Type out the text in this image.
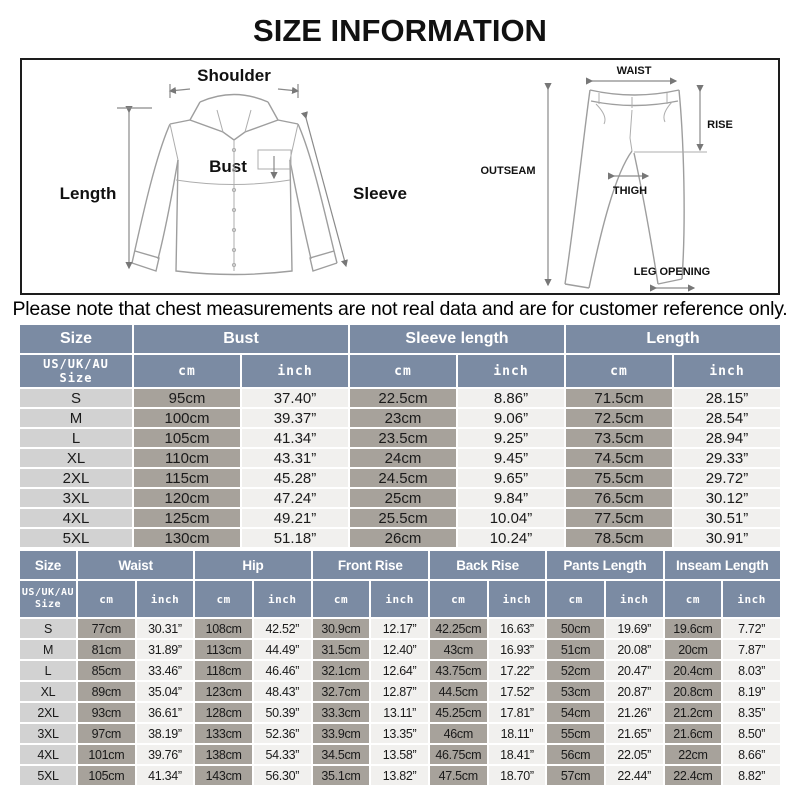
SIZE INFORMATION
Shoulder
Bust
Length	Sleeve
WAIST
RISE
OUTSEAM
THIGH
LEG OPENING
Please note that chest measurements are not real data and are for customer reference only.
Size	Bust		Sleeve length		Length	

US/UK/AU
Size	cm	inch	cm	inch	cm	inch
S	95cm	37.40”	22.5cm	8.86”	71.5cm	28.15”
M	100cm	39.37”	23cm	9.06”	72.5cm	28.54”
L	105cm	41.34”	23.5cm	9.25”	73.5cm	28.94”
XL	110cm	43.31”	24cm	9.45”	74.5cm	29.33”
2XL	115cm	45.28”	24.5cm	9.65”	75.5cm	29.72”
3XL	120cm	47.24”	25cm	9.84”	76.5cm	30.12”
4XL	125cm	49.21”	25.5cm	10.04”	77.5cm	30.51”
5XL	130cm	51.18”	26cm	10.24”	78.5cm	30.91”
Size	Waist		Hip		Front Rise		Back Rise		Pants Length		Inseam Length	

US/UK/AU
Size	cm	inch	cm	inch	cm	inch	cm	inch	cm	inch	cm	inch
S	77cm	30.31”	108cm	42.52”	30.9cm	12.17”	42.25cm	16.63”	50cm	19.69”	19.6cm	7.72”
M	81cm	31.89”	113cm	44.49”	31.5cm	12.40”	43cm	16.93”	51cm	20.08”	20cm	7.87”
L	85cm	33.46”	118cm	46.46”	32.1cm	12.64”	43.75cm	17.22”	52cm	20.47”	20.4cm	8.03”
XL	89cm	35.04”	123cm	48.43”	32.7cm	12.87”	44.5cm	17.52”	53cm	20.87”	20.8cm	8.19”
2XL	93cm	36.61”	128cm	50.39”	33.3cm	13.11”	45.25cm	17.81”	54cm	21.26”	21.2cm	8.35”
3XL	97cm	38.19”	133cm	52.36”	33.9cm	13.35”	46cm	18.11”	55cm	21.65”	21.6cm	8.50”
4XL	101cm	39.76”	138cm	54.33”	34.5cm	13.58”	46.75cm	18.41”	56cm	22.05”	22cm	8.66”
5XL	105cm	41.34”	143cm	56.30”	35.1cm	13.82”	47.5cm	18.70”	57cm	22.44”	22.4cm	8.82”
